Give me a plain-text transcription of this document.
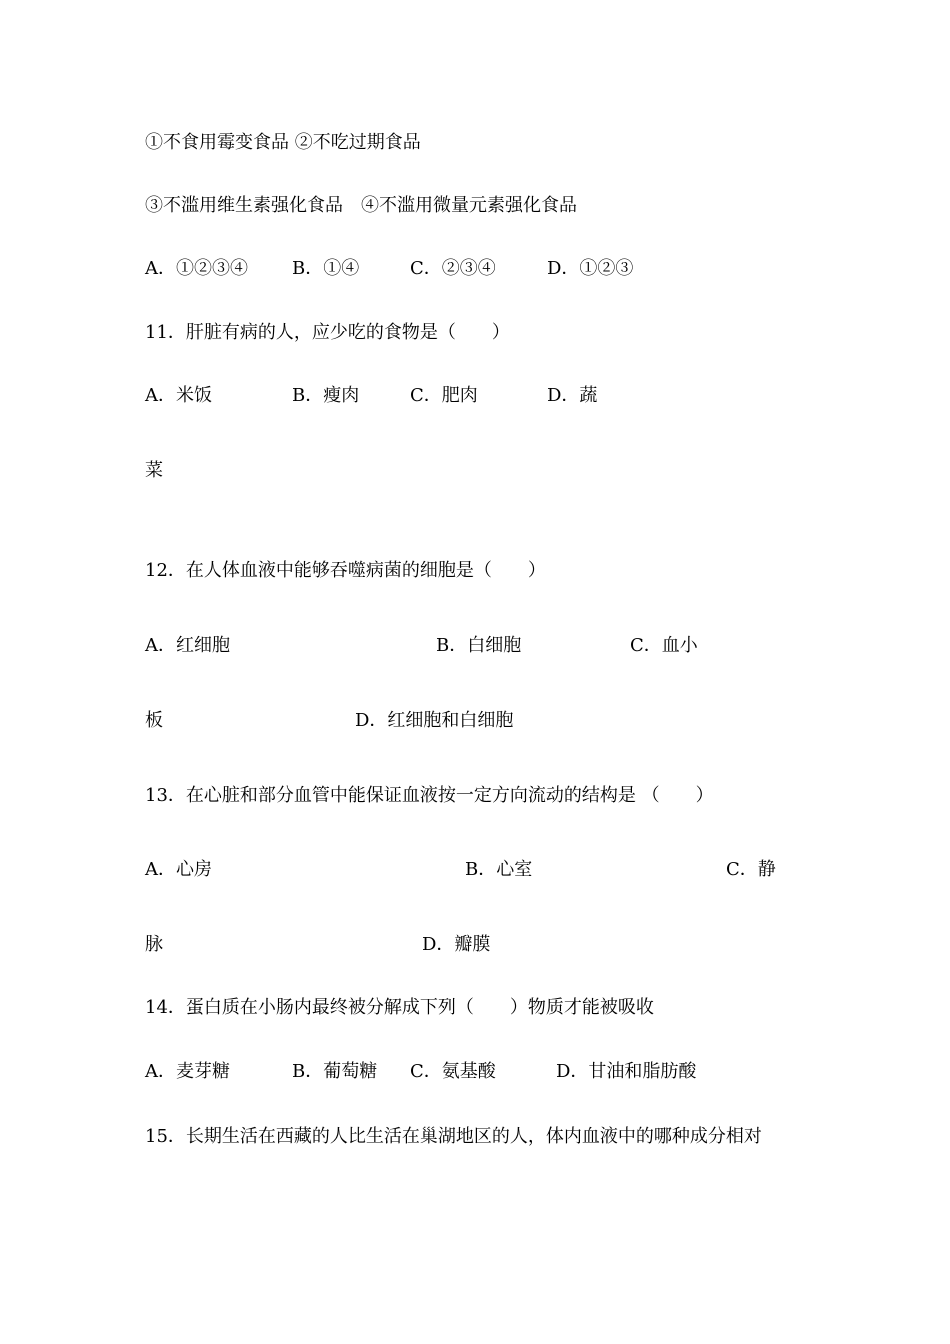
①不食用霉变食品 ②不吃过期食品

③不滥用维生素强化食品　④不滥用微量元素强化食品

A．①②③④ B．①④	C．②③④	D．①②③

11．肝脏有病的人，应少吃的食物是（　　）

A．米饭	B．瘦肉	C．肥肉	D．蔬
菜

12．在人体血液中能够吞噬病菌的细胞是（　　）

A．红细胞	B．白细胞	C．血小
板	D．红细胞和白细胞

13．在心脏和部分血管中能保证血液按一定方向流动的结构是 （　　）

A．心房	B．心室	C．静
脉	D．瓣膜

14．蛋白质在小肠内最终被分解成下列（　　）物质才能被吸收

A．麦芽糖	B．葡萄糖 C．氨基酸	D．甘油和脂肪酸

15．长期生活在西藏的人比生活在巢湖地区的人，体内血液中的哪种成分相对
